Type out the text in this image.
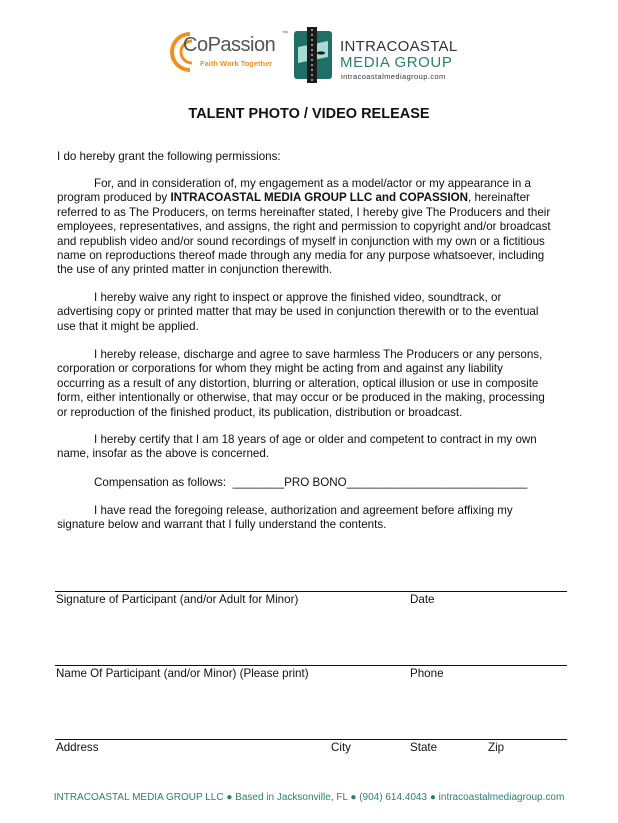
CoPassion ™
Faith Work Together
INTRACOASTAL
MEDIA GROUP
intracoastalmediagroup.com
TALENT PHOTO / VIDEO RELEASE
I do hereby grant the following permissions:
For, and in consideration of, my engagement as a model/actor or my appearance in a
program produced by INTRACOASTAL MEDIA GROUP LLC and COPASSION, hereinafter
referred to as The Producers, on terms hereinafter stated, I hereby give The Producers and their
employees, representatives, and assigns, the right and permission to copyright and/or broadcast
and republish video and/or sound recordings of myself in conjunction with my own or a fictitious
name on reproductions thereof made through any media for any purpose whatsoever, including
the use of any printed matter in conjunction therewith.
I hereby waive any right to inspect or approve the finished video, soundtrack, or
advertising copy or printed matter that may be used in conjunction therewith or to the eventual
use that it might be applied.
I hereby release, discharge and agree to save harmless The Producers or any persons,
corporation or corporations for whom they might be acting from and against any liability
occurring as a result of any distortion, blurring or alteration, optical illusion or use in composite
form, either intentionally or otherwise, that may occur or be produced in the making, processing
or reproduction of the finished product, its publication, distribution or broadcast.
I hereby certify that I am 18 years of age or older and competent to contract in my own
name, insofar as the above is concerned.
Compensation as follows: ________PRO BONO____________________________
I have read the foregoing release, authorization and agreement before affixing my
signature below and warrant that I fully understand the contents.
Signature of Participant (and/or Adult for Minor)	Date
Name Of Participant (and/or Minor) (Please print)	Phone
Address	City	State	Zip
INTRACOASTAL MEDIA GROUP LLC ● Based in Jacksonville, FL ● (904) 614.4043 ● intracoastalmediagroup.com
